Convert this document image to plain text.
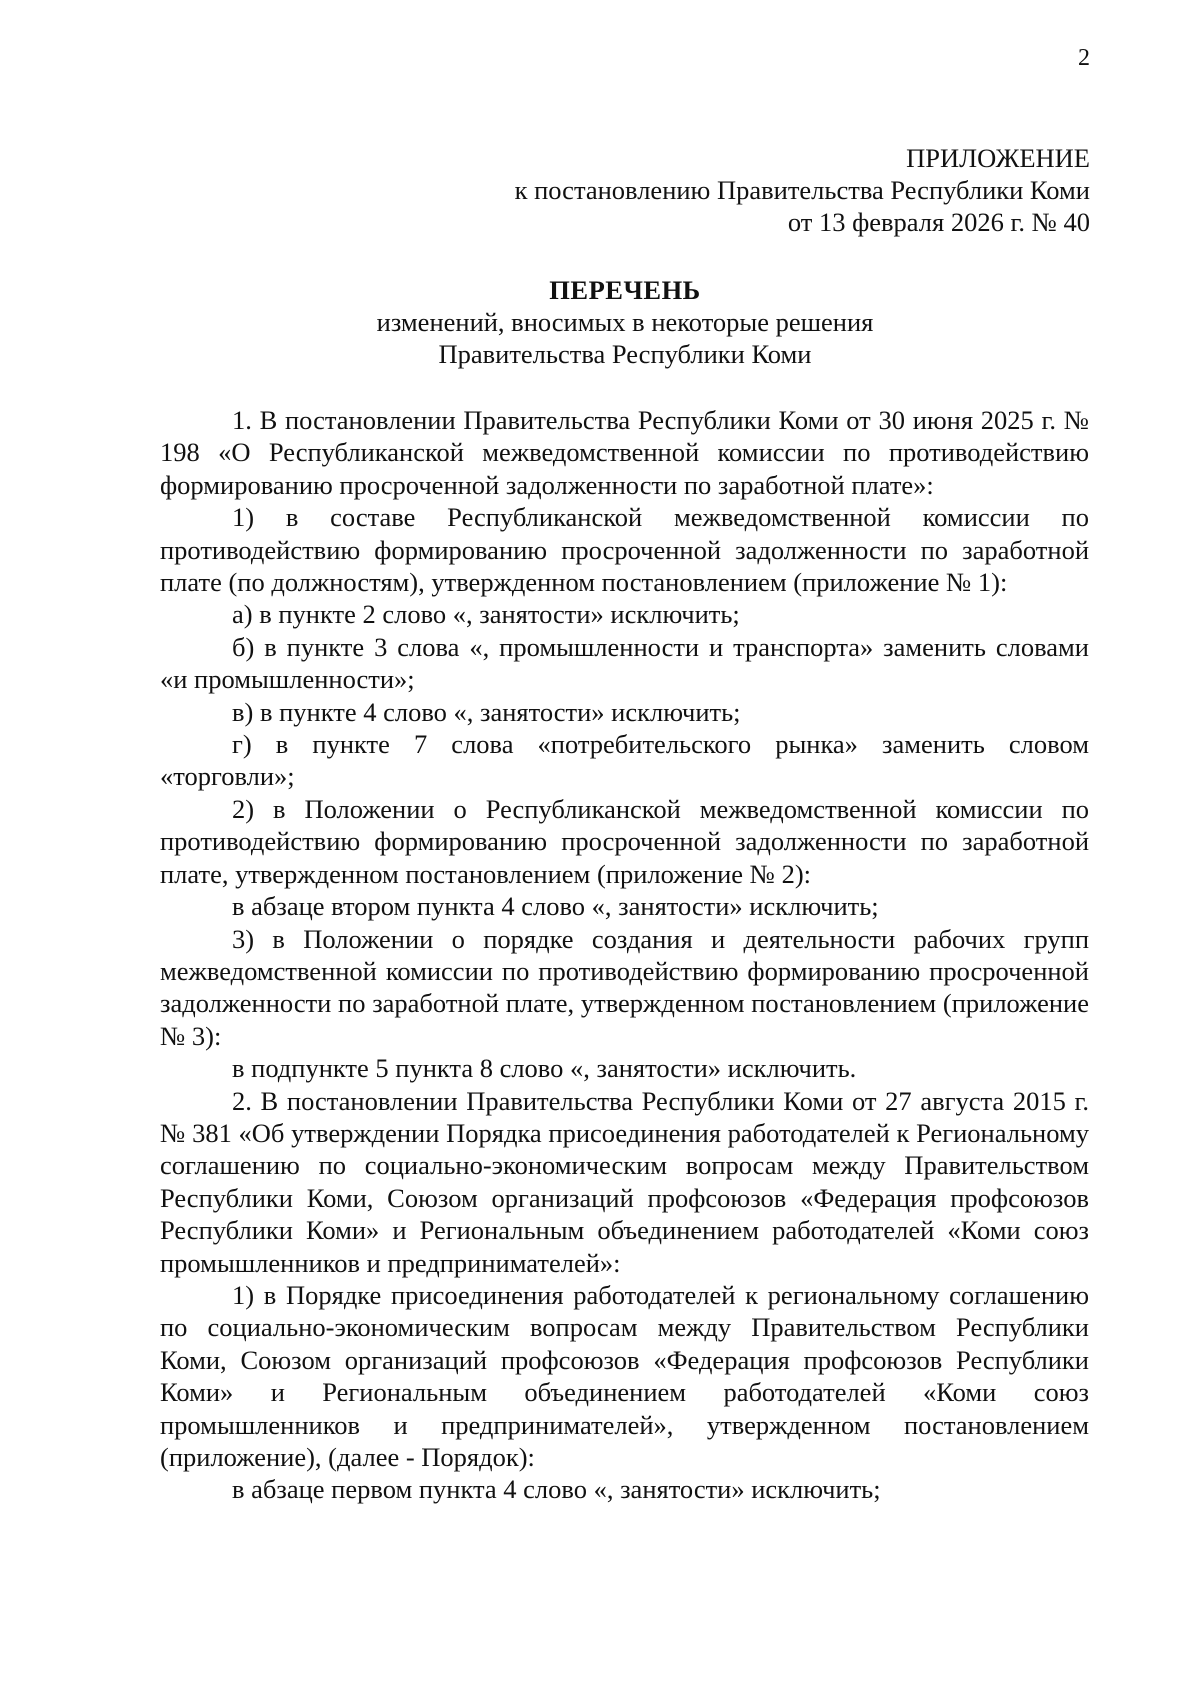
2
ПРИЛОЖЕНИЕ
к постановлению Правительства Республики Коми
от 13 февраля 2026 г. № 40
ПЕРЕЧЕНЬ
изменений, вносимых в некоторые решения
Правительства Республики Коми

1. В постановлении Правительства Республики Коми от 30 июня 2025 г. № 198 «О Республиканской межведомственной комиссии по противодействию формированию просроченной задолженности по заработной плате»:

1) в составе Республиканской межведомственной комиссии по противодействию формированию просроченной задолженности по заработной плате (по должностям), утвержденном постановлением (приложение № 1):

а) в пункте 2 слово «, занятости» исключить;

б) в пункте 3 слова «, промышленности и транспорта» заменить словами «и промышленности»;

в) в пункте 4 слово «, занятости» исключить;

г) в пункте 7 слова «потребительского рынка» заменить словом «торговли»;

2) в Положении о Республиканской межведомственной комиссии по противодействию формированию просроченной задолженности по заработной плате, утвержденном постановлением (приложение № 2):

в абзаце втором пункта 4 слово «, занятости» исключить;

3) в Положении о порядке создания и деятельности рабочих групп межведомственной комиссии по противодействию формированию просроченной задолженности по заработной плате, утвержденном постановлением (приложение № 3):

в подпункте 5 пункта 8 слово «, занятости» исключить.

2. В постановлении Правительства Республики Коми от 27 августа 2015 г. № 381 «Об утверждении Порядка присоединения работодателей к Региональному соглашению по социально-экономическим вопросам между Правительством Республики Коми, Союзом организаций профсоюзов «Федерация профсоюзов Республики Коми» и Региональным объединением работодателей «Коми союз промышленников и предпринимателей»:

1) в Порядке присоединения работодателей к региональному соглашению по социально-экономическим вопросам между Правительством Республики Коми, Союзом организаций профсоюзов «Федерация профсоюзов Республики Коми» и Региональным объединением работодателей «Коми союз промышленников и предпринимателей», утвержденном постановлением (приложение), (далее - Порядок):

в абзаце первом пункта 4 слово «, занятости» исключить;
